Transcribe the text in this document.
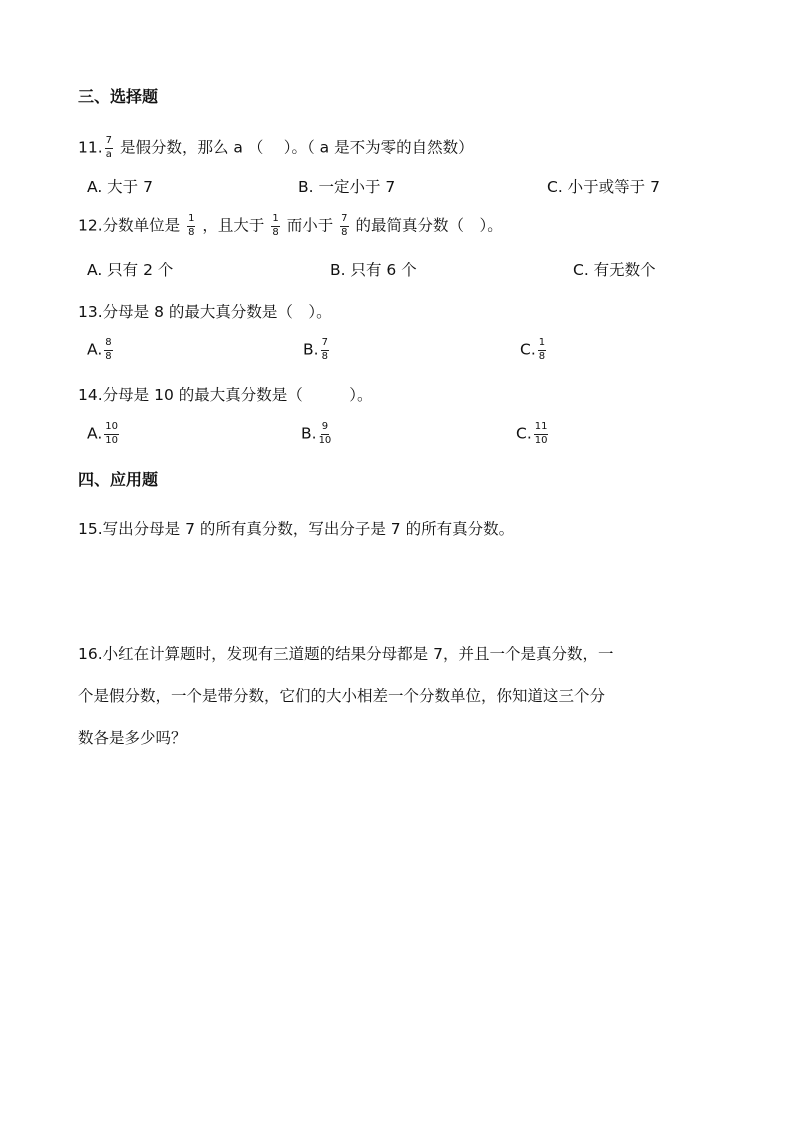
三、选择题
11. $\frac{7}{a}$ 是假分数，那么 a （　 ）。（ a 是不为零的自然数）
A. 大于 7	B. 一定小于 7	C. 小于或等于 7
12.分数单位是 $\frac{1}{8}$ ，且大于 $\frac{1}{8}$ 而小于 $\frac{7}{8}$ 的最简真分数（　）。
A. 只有 2 个	B. 只有 6 个	C. 有无数个
13.分母是 8 的最大真分数是（　）。
A. $\frac{8}{8}$	B. $\frac{7}{8}$	C. $\frac{1}{8}$
14.分母是 10 的最大真分数是（　　　）。
A. $\frac{10}{10}$	B. $\frac{9}{10}$	C. $\frac{11}{10}$
四、应用题
15.写出分母是 7 的所有真分数，写出分子是 7 的所有真分数。
16.小红在计算题时，发现有三道题的结果分母都是 7，并且一个是真分数，一
个是假分数，一个是带分数，它们的大小相差一个分数单位，你知道这三个分
数各是多少吗？
